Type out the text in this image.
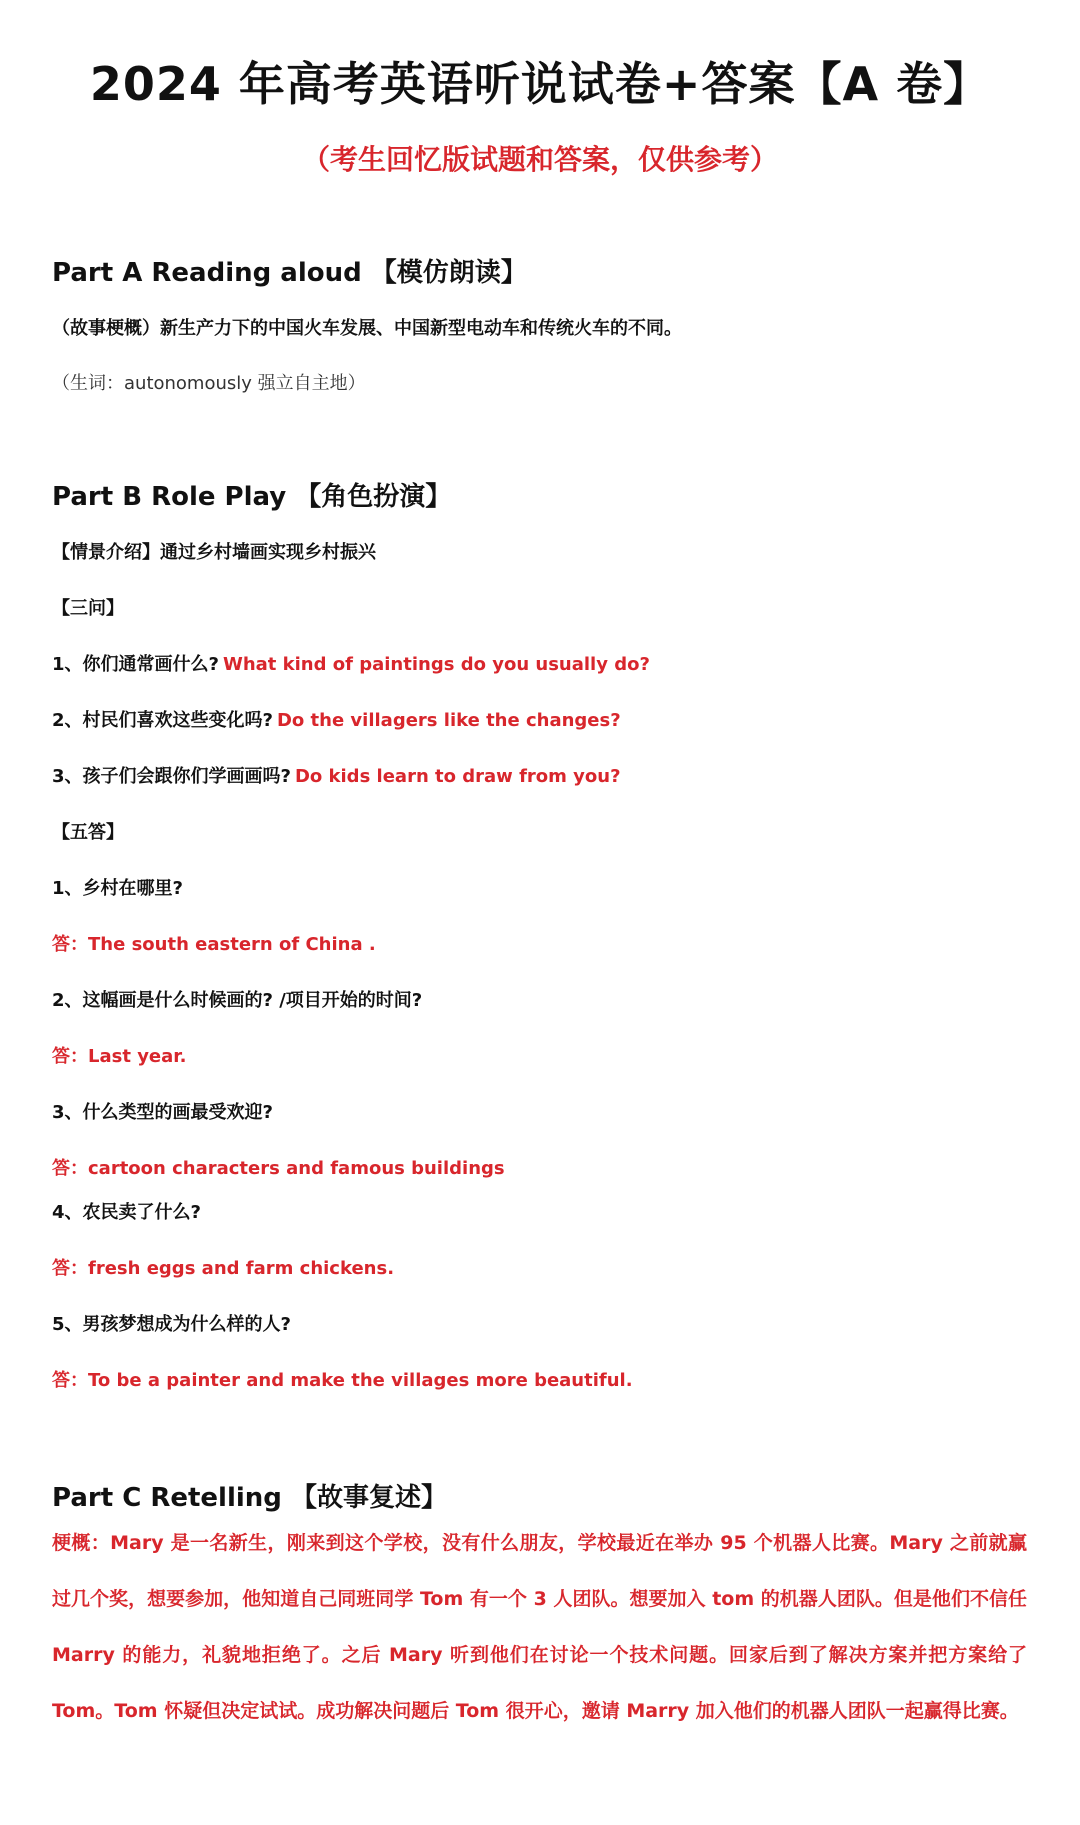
2024 年高考英语听说试卷+答案【A 卷】
（考生回忆版试题和答案，仅供参考）
Part A Reading aloud 【模仿朗读】
（故事梗概）新生产力下的中国火车发展、中国新型电动车和传统火车的不同。
（生词：autonomously 强立自主地）
Part B Role Play 【角色扮演】
【情景介绍】通过乡村墙画实现乡村振兴
【三问】
1、你们通常画什么? What kind of paintings do you usually do?
2、村民们喜欢这些变化吗? Do the villagers like the changes?
3、孩子们会跟你们学画画吗? Do kids learn to draw from you?
【五答】
1、乡村在哪里?
答：The south eastern of China .
2、这幅画是什么时候画的? /项目开始的时间?
答：Last year.
3、什么类型的画最受欢迎?
答：cartoon characters and famous buildings
4、农民卖了什么?
答：fresh eggs and farm chickens.
5、男孩梦想成为什么样的人?
答：To be a painter and make the villages more beautiful.
Part C Retelling 【故事复述】
梗概：Mary 是一名新生，刚来到这个学校，没有什么朋友，学校最近在举办 95 个机器人比赛。Mary 之前就赢过几个奖，想要参加，他知道自己同班同学 Tom 有一个 3 人团队。想要加入 tom 的机器人团队。但是他们不信任 Marry 的能力，礼貌地拒绝了。之后 Mary 听到他们在讨论一个技术问题。回家后到了解决方案并把方案给了 Tom。Tom 怀疑但决定试试。成功解决问题后 Tom 很开心，邀请 Marry 加入他们的机器人团队一起赢得比赛。
